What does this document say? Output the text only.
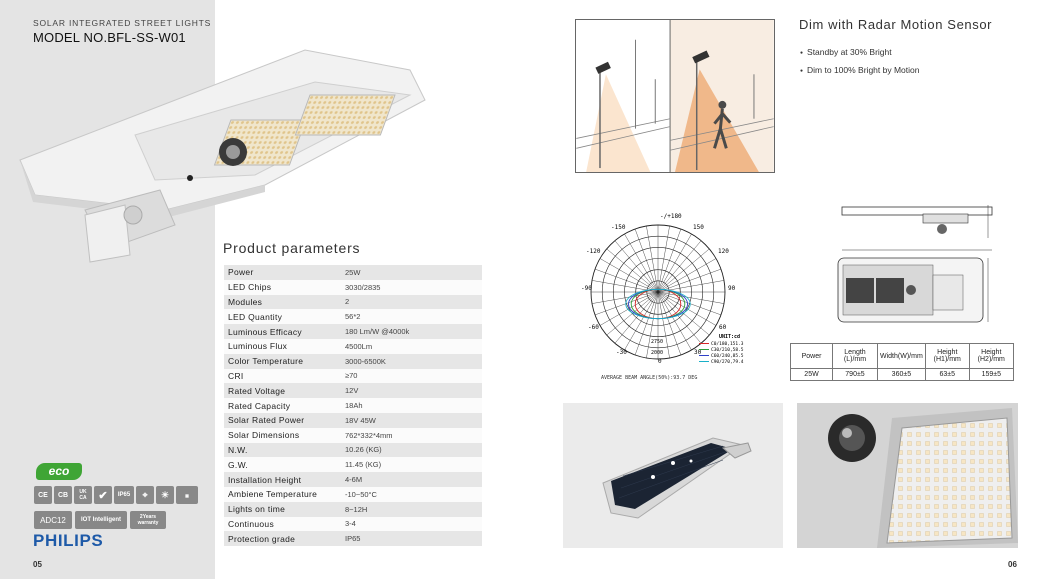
SOLAR INTEGRATED STREET LIGHTS
MODEL NO.BFL-SS-W01
Product parameters
Power	25W
LED Chips	3030/2835
Modules	2
LED Quantity	56*2
Luminous Efficacy	180 Lm/W @4000k
Luminous Flux	4500Lm
Color Temperature	3000-6500K
CRI	≥70
Rated Voltage	12V
Rated Capacity	18Ah
Solar Rated Power	18V 45W
Solar Dimensions	762*332*4mm
N.W.	10.26 (KG)
G.W.	11.45 (KG)
Installation Height	4-6M
Ambiene Temperature	-10~50°C
Lights on time	8~12H
Continuous	3-4
Protection grade	IP65
eco
CE	CB	UK CA	✔	IP65	⌖	☀	▦
ADC12	IOT Intelligent	2Years warranty
PHILIPS
05	06
Dim with Radar Motion Sensor
● Standby at 30% Bright
● Dim to 100% Bright by Motion
-/+180
-150	150
-120	120
-90	90
-60	60
-30	30
0
2750
2000
UNIT:cd
C0/180,151.3
C30/210,58.5
C60/240,85.5
C90/270,79.4
AVERAGE BEAM ANGLE(50%):93.7 DEG
Power	Length (L)/mm	Width(W)/mm	Height (H1)/mm	Height (H2)/mm
25W	790±5	360±5	63±5	159±5
